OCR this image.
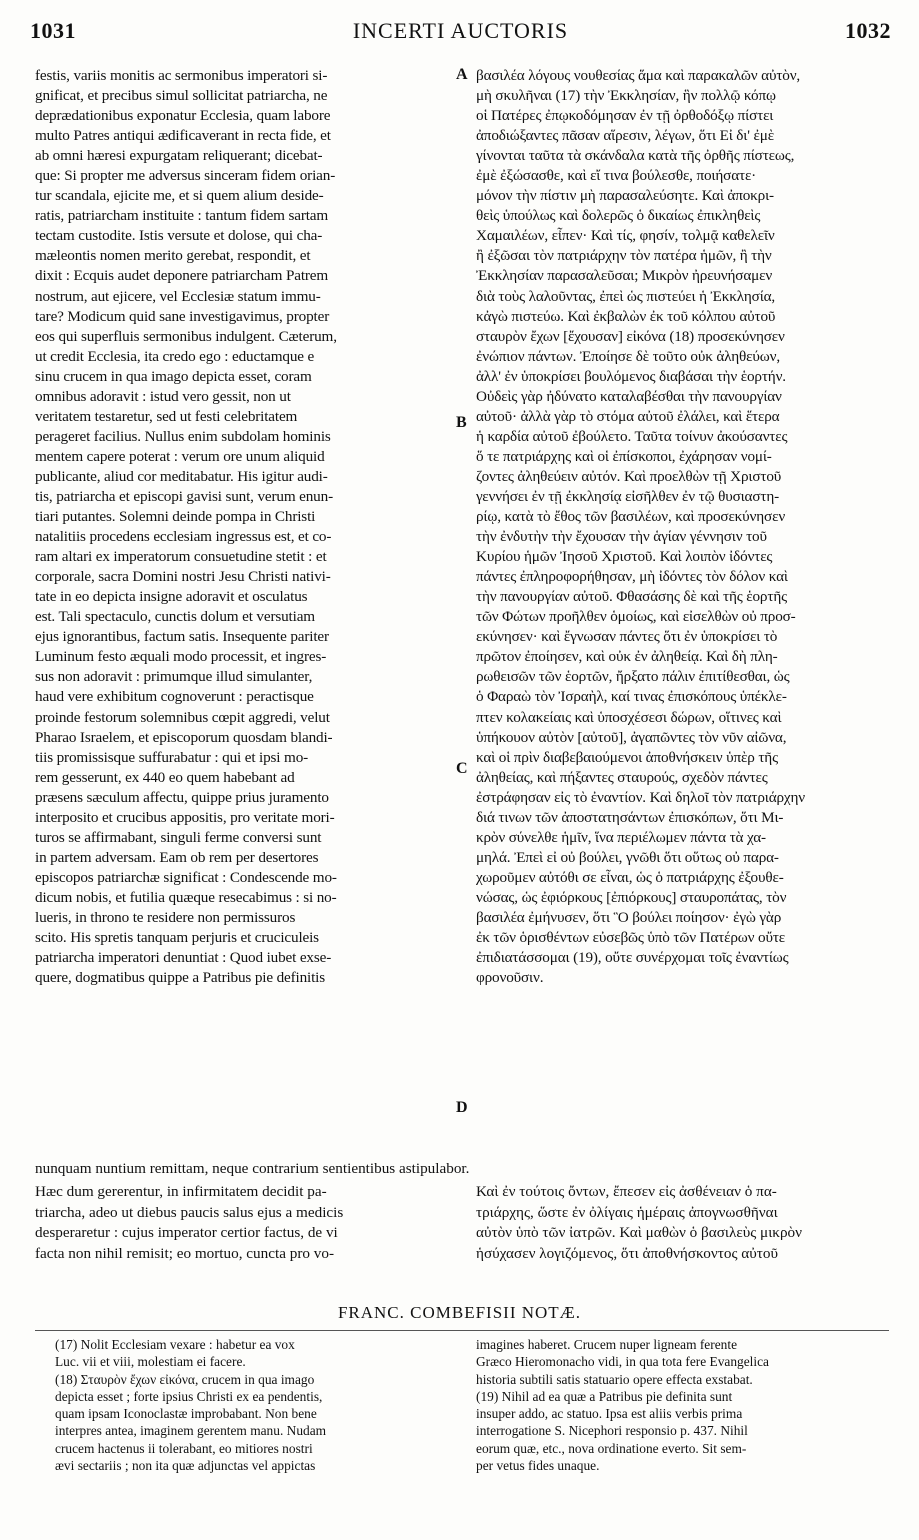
1031	INCERTI AUCTORIS	1032

festis, variis monitis ac sermonibus imperatori si-

gnificat, et precibus simul sollicitat patriarcha, ne

deprædationibus exponatur Ecclesia, quam labore

multo Patres antiqui ædificaverant in recta fide, et

ab omni hæresi expurgatam reliquerant; dicebat-

que: Si propter me adversus sinceram fidem orian-

tur scandala, ejicite me, et si quem alium deside-

ratis, patriarcham instituite : tantum fidem sartam

tectam custodite. Istis versute et dolose, qui cha-

mæleontis nomen merito gerebat, respondit, et

dixit : Ecquis audet deponere patriarcham Patrem

nostrum, aut ejicere, vel Ecclesiæ statum immu-

tare? Modicum quid sane investigavimus, propter

eos qui superfluis sermonibus indulgent. Cæterum,

ut credit Ecclesia, ita credo ego : eductamque e

sinu crucem in qua imago depicta esset, coram

omnibus adoravit : istud vero gessit, non ut

veritatem testaretur, sed ut festi celebritatem

perageret facilius. Nullus enim subdolam hominis

mentem capere poterat : verum ore unum aliquid

publicante, aliud cor meditabatur. His igitur audi-

tis, patriarcha et episcopi gavisi sunt, verum enun-

tiari putantes. Solemni deinde pompa in Christi

natalitiis procedens ecclesiam ingressus est, et co-

ram altari ex imperatorum consuetudine stetit : et

corporale, sacra Domini nostri Jesu Christi nativi-

tate in eo depicta insigne adoravit et osculatus

est. Tali spectaculo, cunctis dolum et versutiam

ejus ignorantibus, factum satis. Insequente pariter

Luminum festo æquali modo processit, et ingres-

sus non adoravit : primumque illud simulanter,

haud vere exhibitum cognoverunt : peractisque

proinde festorum solemnibus cœpit aggredi, velut

Pharao Israelem, et episcoporum quosdam blandi-

tiis promissisque suffurabatur : qui et ipsi mo-

rem gesserunt, ex 440 eo quem habebant ad

præsens sæculum affectu, quippe prius juramento

interposito et crucibus appositis, pro veritate mori-

turos se affirmabant, singuli ferme conversi sunt

in partem adversam. Eam ob rem per desertores

episcopos patriarchæ significat : Condescende mo-

dicum nobis, et futilia quæque resecabimus : si no-

lueris, in throno te residere non permissuros

scito. His spretis tanquam perjuris et cruciculeis

patriarcha imperatori denuntiat : Quod iubet exse-

quere, dogmatibus quippe a Patribus pie definitis

βασιλέα λόγους νουθεσίας ἅμα καὶ παρακαλῶν αὐτὸν,

μὴ σκυλῆναι (17) τὴν Ἐκκλησίαν, ἣν πολλῷ κόπῳ

οἱ Πατέρες ἐπῳκοδόμησαν ἐν τῇ ὀρθοδόξῳ πίστει

ἀποδιώξαντες πᾶσαν αἵρεσιν, λέγων, ὅτι Εἰ δι' ἐμὲ

γίνονται ταῦτα τὰ σκάνδαλα κατὰ τῆς ὀρθῆς πίστεως,

ἐμὲ ἐξώσασθε, καὶ εἴ τινα βούλεσθε, ποιήσατε·

μόνον τὴν πίστιν μὴ παρασαλεύσητε. Καὶ ἀποκρι-

θεὶς ὑπούλως καὶ δολερῶς ὁ δικαίως ἐπικληθεὶς

Χαμαιλέων, εἶπεν· Καὶ τίς, φησίν, τολμᾷ καθελεῖν

ἢ ἐξῶσαι τὸν πατριάρχην τὸν πατέρα ἡμῶν, ἢ τὴν

Ἐκκλησίαν παρασαλεῦσαι; Μικρὸν ἠρευνήσαμεν

διὰ τοὺς λαλοῦντας, ἐπεὶ ὡς πιστεύει ἡ Ἐκκλησία,

κἀγὼ πιστεύω. Καὶ ἐκβαλὼν ἐκ τοῦ κόλπου αὐτοῦ

σταυρὸν ἔχων [ἔχουσαν] εἰκόνα (18) προσεκύνησεν

ἐνώπιον πάντων. Ἐποίησε δὲ τοῦτο οὐκ ἀληθεύων,

ἀλλ' ἐν ὑποκρίσει βουλόμενος διαβάσαι τὴν ἑορτήν.

Οὐδεὶς γὰρ ἠδύνατο καταλαβέσθαι τὴν πανουργίαν

αὐτοῦ· ἀλλὰ γὰρ τὸ στόμα αὐτοῦ ἐλάλει, καὶ ἕτερα

ἡ καρδία αὐτοῦ ἐβούλετο. Ταῦτα τοίνυν ἀκούσαντες

ὅ τε πατριάρχης καὶ οἱ ἐπίσκοποι, ἐχάρησαν νομί-

ζοντες ἀληθεύειν αὐτόν. Καὶ προελθὼν τῇ Χριστοῦ

γεννήσει ἐν τῇ ἐκκλησίᾳ εἰσῆλθεν ἐν τῷ θυσιαστη-

ρίῳ, κατὰ τὸ ἔθος τῶν βασιλέων, καὶ προσεκύνησεν

τὴν ἐνδυτὴν τὴν ἔχουσαν τὴν ἁγίαν γέννησιν τοῦ

Κυρίου ἡμῶν Ἰησοῦ Χριστοῦ. Καὶ λοιπὸν ἰδόντες

πάντες ἐπληροφορήθησαν, μὴ ἰδόντες τὸν δόλον καὶ

τὴν πανουργίαν αὐτοῦ. Φθασάσης δὲ καὶ τῆς ἑορτῆς

τῶν Φώτων προῆλθεν ὁμοίως, καὶ εἰσελθὼν οὐ προσ-

εκύνησεν· καὶ ἔγνωσαν πάντες ὅτι ἐν ὑποκρίσει τὸ

πρῶτον ἐποίησεν, καὶ οὐκ ἐν ἀληθείᾳ. Καὶ δὴ πλη-

ρωθεισῶν τῶν ἑορτῶν, ἤρξατο πάλιν ἐπιτίθεσθαι, ὡς

ὁ Φαραὼ τὸν Ἰσραὴλ, καί τινας ἐπισκόπους ὑπέκλε-

πτεν κολακείαις καὶ ὑποσχέσεσι δώρων, οἵτινες καὶ

ὑπήκουον αὐτὸν [αὐτοῦ], ἀγαπῶντες τὸν νῦν αἰῶνα,

καὶ οἱ πρὶν διαβεβαιούμενοι ἀποθνήσκειν ὑπὲρ τῆς

ἀληθείας, καὶ πήξαντες σταυρούς, σχεδὸν πάντες

ἐστράφησαν εἰς τὸ ἐναντίον. Καὶ δηλοῖ τὸν πατριάρχην

διά τινων τῶν ἀποστατησάντων ἐπισκόπων, ὅτι Μι-

κρὸν σύνελθε ἡμῖν, ἵνα περιέλωμεν πάντα τὰ χα-

μηλά. Ἐπεὶ εἰ οὐ βούλει, γνῶθι ὅτι οὕτως οὐ παρα-

χωροῦμεν αὐτόθι σε εἶναι, ὡς ὁ πατριάρχης ἐξουθε-

νώσας, ὡς ἐφιόρκους [ἐπιόρκους] σταυροπάτας, τὸν

βασιλέα ἐμήνυσεν, ὅτι Ὃ βούλει ποίησον· ἐγὼ γὰρ

ἐκ τῶν ὁρισθέντων εὐσεβῶς ὑπὸ τῶν Πατέρων οὔτε

ἐπιδιατάσσομαι (19), οὔτε συνέρχομαι τοῖς ἐναντίως

φρονοῦσιν.

A
B
C
D
nunquam nuntium remittam, neque contrarium sentientibus astipulabor.

Hæc dum gererentur, in infirmitatem decidit pa-

triarcha, adeo ut diebus paucis salus ejus a medicis

desperaretur : cujus imperator certior factus, de vi

facta non nihil remisit; eo mortuo, cuncta pro vo-

Καὶ ἐν τούτοις ὄντων, ἔπεσεν εἰς ἀσθένειαν ὁ πα-

τριάρχης, ὥστε ἐν ὀλίγαις ἡμέραις ἀπογνωσθῆναι

αὐτὸν ὑπὸ τῶν ἰατρῶν. Καὶ μαθὼν ὁ βασιλεὺς μικρὸν

ἡσύχασεν λογιζόμενος, ὅτι ἀποθνήσκοντος αὐτοῦ

FRANC. COMBEFISII NOTÆ.

(17) Nolit Ecclesiam vexare : habetur ea vox

Luc. vii et viii, molestiam ei facere.

(18) Σταυρὸν ἔχων εἰκόνα, crucem in qua imago

depicta esset ; forte ipsius Christi ex ea pendentis,

quam ipsam Iconoclastæ improbabant. Non bene

interpres antea, imaginem gerentem manu. Nudam

crucem hactenus ii tolerabant, eo mitiores nostri

ævi sectariis ; non ita quæ adjunctas vel appictas

imagines haberet. Crucem nuper ligneam ferente

Græco Hieromonacho vidi, in qua tota fere Evangelica

historia subtili satis statuario opere effecta exstabat.

(19) Nihil ad ea quæ a Patribus pie definita sunt

insuper addo, ac statuo. Ipsa est aliis verbis prima

interrogatione S. Nicephori responsio p. 437. Nihil

eorum quæ, etc., nova ordinatione everto. Sit sem-

per vetus fides unaque.
